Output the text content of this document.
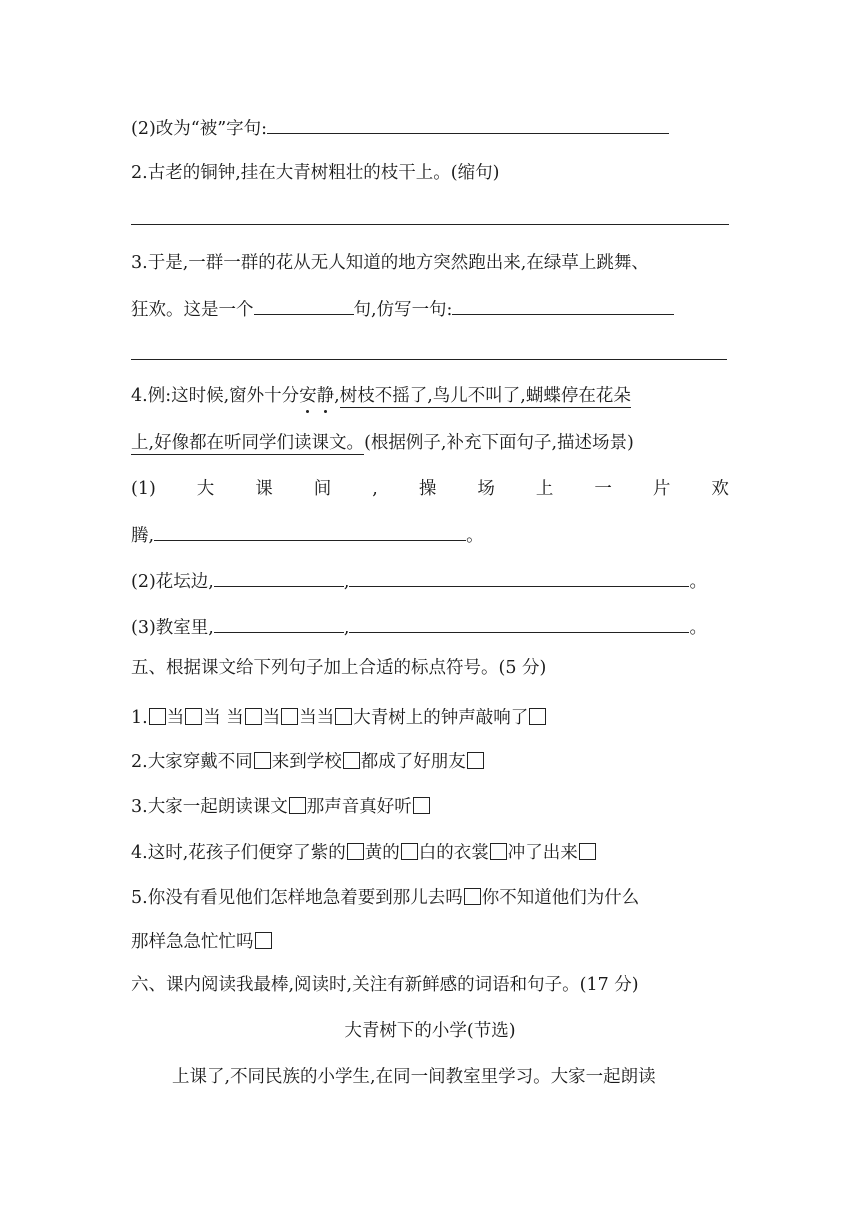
(2)改为“被”字句:
2.古老的铜钟,挂在大青树粗壮的枝干上。(缩句)
3.于是,一群一群的花从无人知道的地方突然跑出来,在绿草上跳舞、
狂欢。这是一个	句,仿写一句:
4.例:这时候,窗外十分安静,树枝不摇了,鸟儿不叫了,蝴蝶停在花朵
上,好像都在听同学们读课文。(根据例子,补充下面句子,描述场景)
(1) 大 课 间 , 操 场 上 一 片 欢
腾,	。
(2)花坛边,	,	。
(3)教室里,	,	。
五、根据课文给下列句子加上合适的标点符号。(5 分)
1. 当 当 当 当 当当 大青树上的钟声敲响了
2.大家穿戴不同 来到学校 都成了好朋友
3.大家一起朗读课文 那声音真好听
4.这时,花孩子们便穿了紫的 黄的 白的衣裳 冲了出来
5.你没有看见他们怎样地急着要到那儿去吗 你不知道他们为什么
那样急急忙忙吗
六、课内阅读我最棒,阅读时,关注有新鲜感的词语和句子。(17 分)
大青树下的小学(节选)
上课了,不同民族的小学生,在同一间教室里学习。大家一起朗读
